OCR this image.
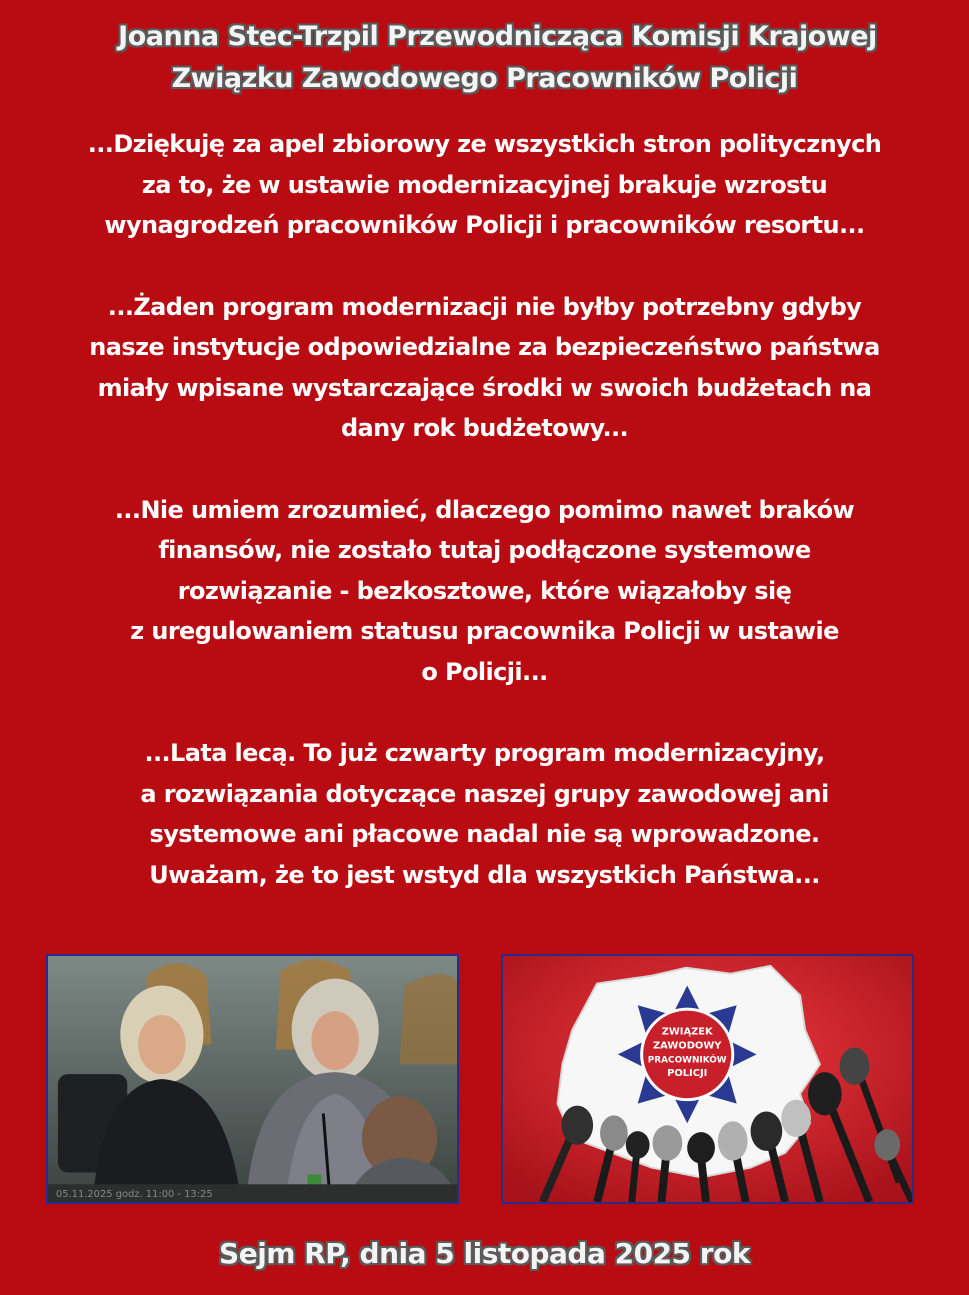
Joanna Stec-Trzpil Przewodnicząca Komisji Krajowej
Związku Zawodowego Pracowników Policji

...Dziękuję za apel zbiorowy ze wszystkich stron politycznych
za to, że w ustawie modernizacyjnej brakuje wzrostu
wynagrodzeń pracowników Policji i pracowników resortu...

...Żaden program modernizacji nie byłby potrzebny gdyby
nasze instytucje odpowiedzialne za bezpieczeństwo państwa
miały wpisane wystarczające środki w swoich budżetach na
dany rok budżetowy...

...Nie umiem zrozumieć, dlaczego pomimo nawet braków
finansów, nie zostało tutaj podłączone systemowe
rozwiązanie - bezkosztowe, które wiązałoby się
z uregulowaniem statusu pracownika Policji w ustawie
o Policji...

...Lata lecą. To już czwarty program modernizacyjny,
a rozwiązania dotyczące naszej grupy zawodowej ani
systemowe ani płacowe nadal nie są wprowadzone.
Uważam, że to jest wstyd dla wszystkich Państwa...

05.11.2025 godz. 11:00 - 13:25
ZWIĄZEK
ZAWODOWY
PRACOWNIKÓW
POLICJI
Sejm RP, dnia 5 listopada 2025 rok
